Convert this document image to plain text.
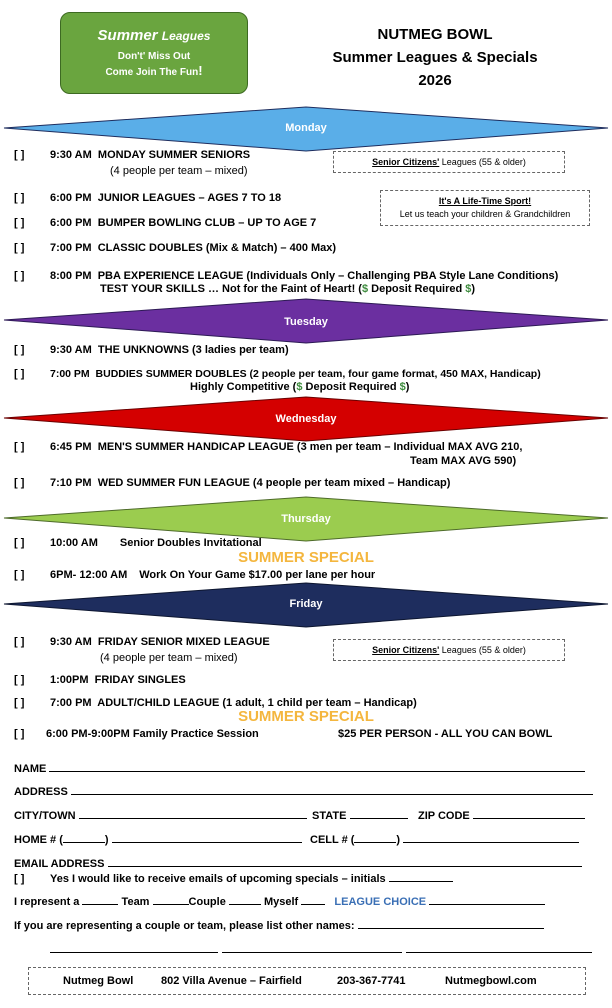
Summer Leagues
Don't' Miss Out
Come Join The Fun!
NUTMEG BOWL
Summer Leagues & Specials
2026
Monday
[ ] 9:30 AM MONDAY SUMMER SENIORS
(4 people per team – mixed)
Senior Citizens' Leagues (55 & older)
It's A Life-Time Sport!
Let us teach your children & Grandchildren
[ ] 6:00 PM JUNIOR LEAGUES – AGES 7 TO 18
[ ] 6:00 PM BUMPER BOWLING CLUB – UP TO AGE 7
[ ] 7:00 PM CLASSIC DOUBLES (Mix & Match) – 400 Max)
[ ] 8:00 PM PBA EXPERIENCE LEAGUE (Individuals Only – Challenging PBA Style Lane Conditions)
TEST YOUR SKILLS … Not for the Faint of Heart! ($ Deposit Required $)
Tuesday
[ ] 9:30 AM THE UNKNOWNS (3 ladies per team)
[ ] 7:00 PM BUDDIES SUMMER DOUBLES (2 people per team, four game format, 450 MAX, Handicap)
Highly Competitive ($ Deposit Required $)
Wednesday
[ ] 6:45 PM MEN'S SUMMER HANDICAP LEAGUE (3 men per team – Individual MAX AVG 210,
Team MAX AVG 590)
[ ] 7:10 PM WED SUMMER FUN LEAGUE (4 people per team mixed – Handicap)
Thursday
[ ] 10:00 AM Senior Doubles Invitational
SUMMER SPECIAL
[ ] 6PM- 12:00 AM Work On Your Game $17.00 per lane per hour
Friday
[ ] 9:30 AM FRIDAY SENIOR MIXED LEAGUE
(4 people per team – mixed)
Senior Citizens' Leagues (55 & older)
[ ] 1:00PM FRIDAY SINGLES
[ ] 7:00 PM ADULT/CHILD LEAGUE (1 adult, 1 child per team – Handicap)
SUMMER SPECIAL
[ ] 6:00 PM-9:00PM Family Practice Session	$25 PER PERSON - ALL YOU CAN BOWL
NAME
ADDRESS
CITY/TOWN	STATE	ZIP CODE
HOME # (	)	CELL # (	)
EMAIL ADDRESS
[ ] Yes I would like to receive emails of upcoming specials – initials
I represent a	Team	Couple	Myself	LEAGUE CHOICE
If you are representing a couple or team, please list other names:
Nutmeg Bowl	802 Villa Avenue – Fairfield	203-367-7741	Nutmegbowl.com
